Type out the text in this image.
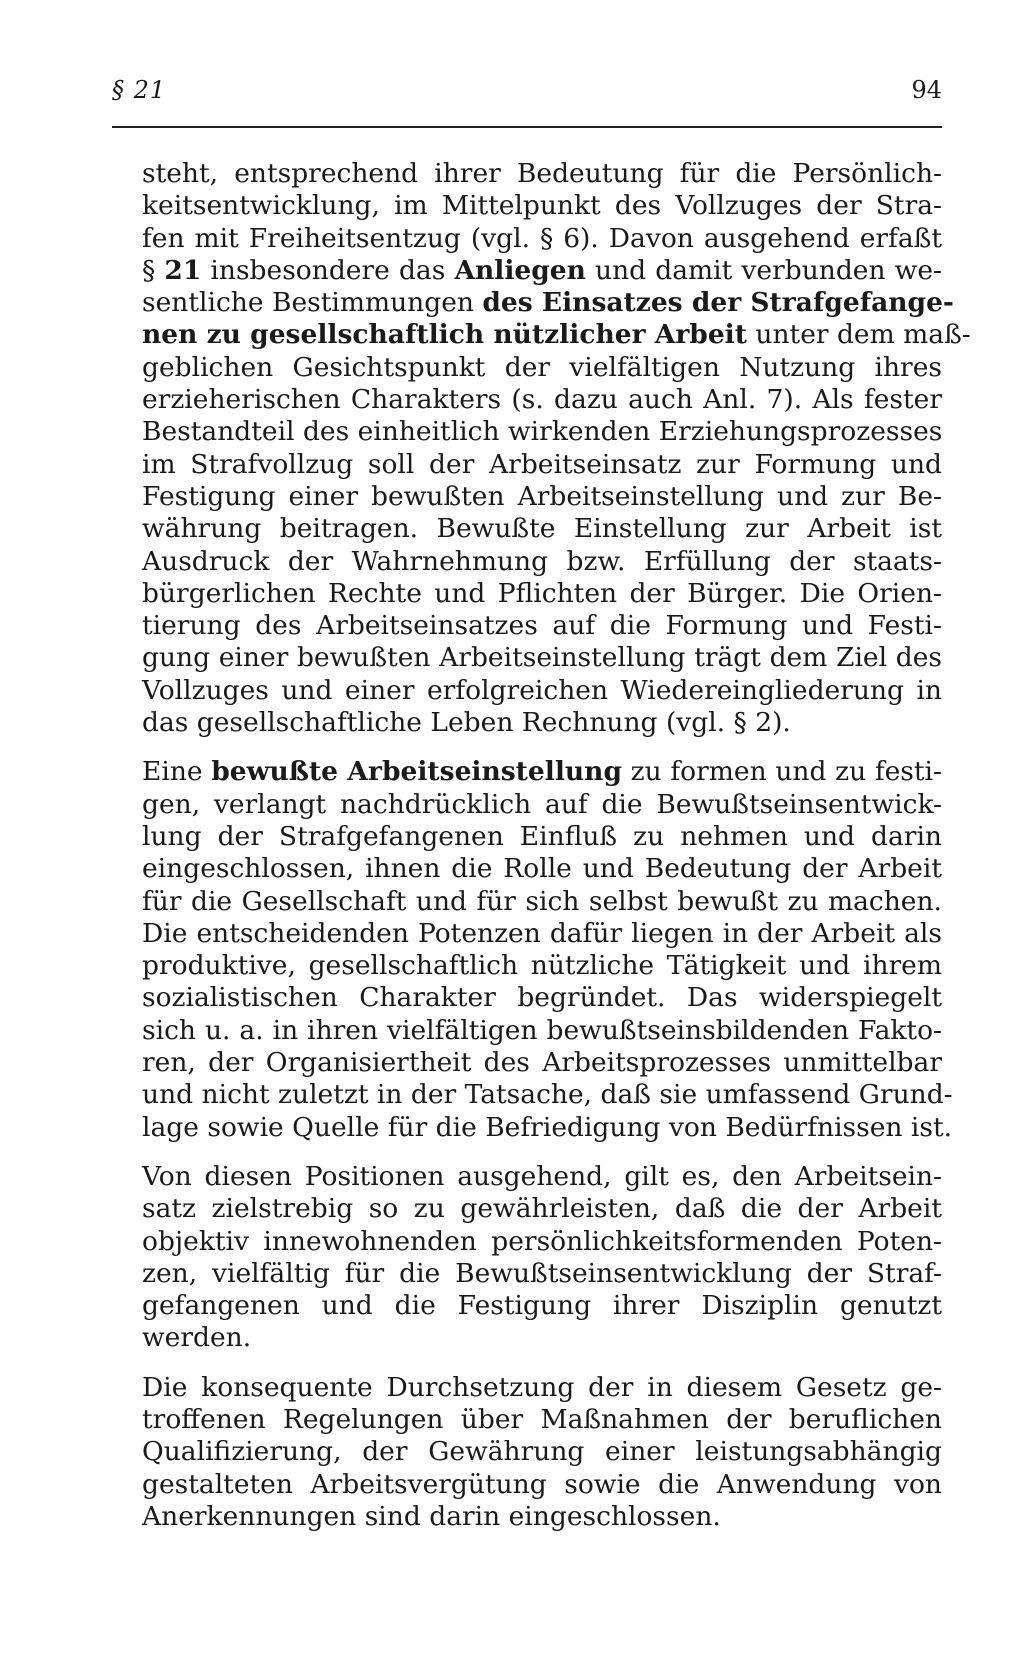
§ 21	94
steht, entsprechend ihrer Bedeutung für die Persönlich-
keitsentwicklung, im Mittelpunkt des Vollzuges der Stra-
fen mit Freiheitsentzug (vgl. § 6). Davon ausgehend erfaßt
§ 21 insbesondere das Anliegen und damit verbunden we-
sentliche Bestimmungen des Einsatzes der Strafgefange-
nen zu gesellschaftlich nützlicher Arbeit unter dem maß-
geblichen Gesichtspunkt der vielfältigen Nutzung ihres
erzieherischen Charakters (s. dazu auch Anl. 7). Als fester
Bestandteil des einheitlich wirkenden Erziehungsprozesses
im Strafvollzug soll der Arbeitseinsatz zur Formung und
Festigung einer bewußten Arbeitseinstellung und zur Be-
währung beitragen. Bewußte Einstellung zur Arbeit ist
Ausdruck der Wahrnehmung bzw. Erfüllung der staats-
bürgerlichen Rechte und Pflichten der Bürger. Die Orien-
tierung des Arbeitseinsatzes auf die Formung und Festi-
gung einer bewußten Arbeitseinstellung trägt dem Ziel des
Vollzuges und einer erfolgreichen Wiedereingliederung in
das gesellschaftliche Leben Rechnung (vgl. § 2).
Eine bewußte Arbeitseinstellung zu formen und zu festi-
gen, verlangt nachdrücklich auf die Bewußtseinsentwick-
lung der Strafgefangenen Einfluß zu nehmen und darin
eingeschlossen, ihnen die Rolle und Bedeutung der Arbeit
für die Gesellschaft und für sich selbst bewußt zu machen.
Die entscheidenden Potenzen dafür liegen in der Arbeit als
produktive, gesellschaftlich nützliche Tätigkeit und ihrem
sozialistischen Charakter begründet. Das widerspiegelt
sich u. a. in ihren vielfältigen bewußtseinsbildenden Fakto-
ren, der Organisiertheit des Arbeitsprozesses unmittelbar
und nicht zuletzt in der Tatsache, daß sie umfassend Grund-
lage sowie Quelle für die Befriedigung von Bedürfnissen ist.
Von diesen Positionen ausgehend, gilt es, den Arbeitsein-
satz zielstrebig so zu gewährleisten, daß die der Arbeit
objektiv innewohnenden persönlichkeitsformenden Poten-
zen, vielfältig für die Bewußtseinsentwicklung der Straf-
gefangenen und die Festigung ihrer Disziplin genutzt
werden.
Die konsequente Durchsetzung der in diesem Gesetz ge-
troffenen Regelungen über Maßnahmen der beruflichen
Qualifizierung, der Gewährung einer leistungsabhängig
gestalteten Arbeitsvergütung sowie die Anwendung von
Anerkennungen sind darin eingeschlossen.
